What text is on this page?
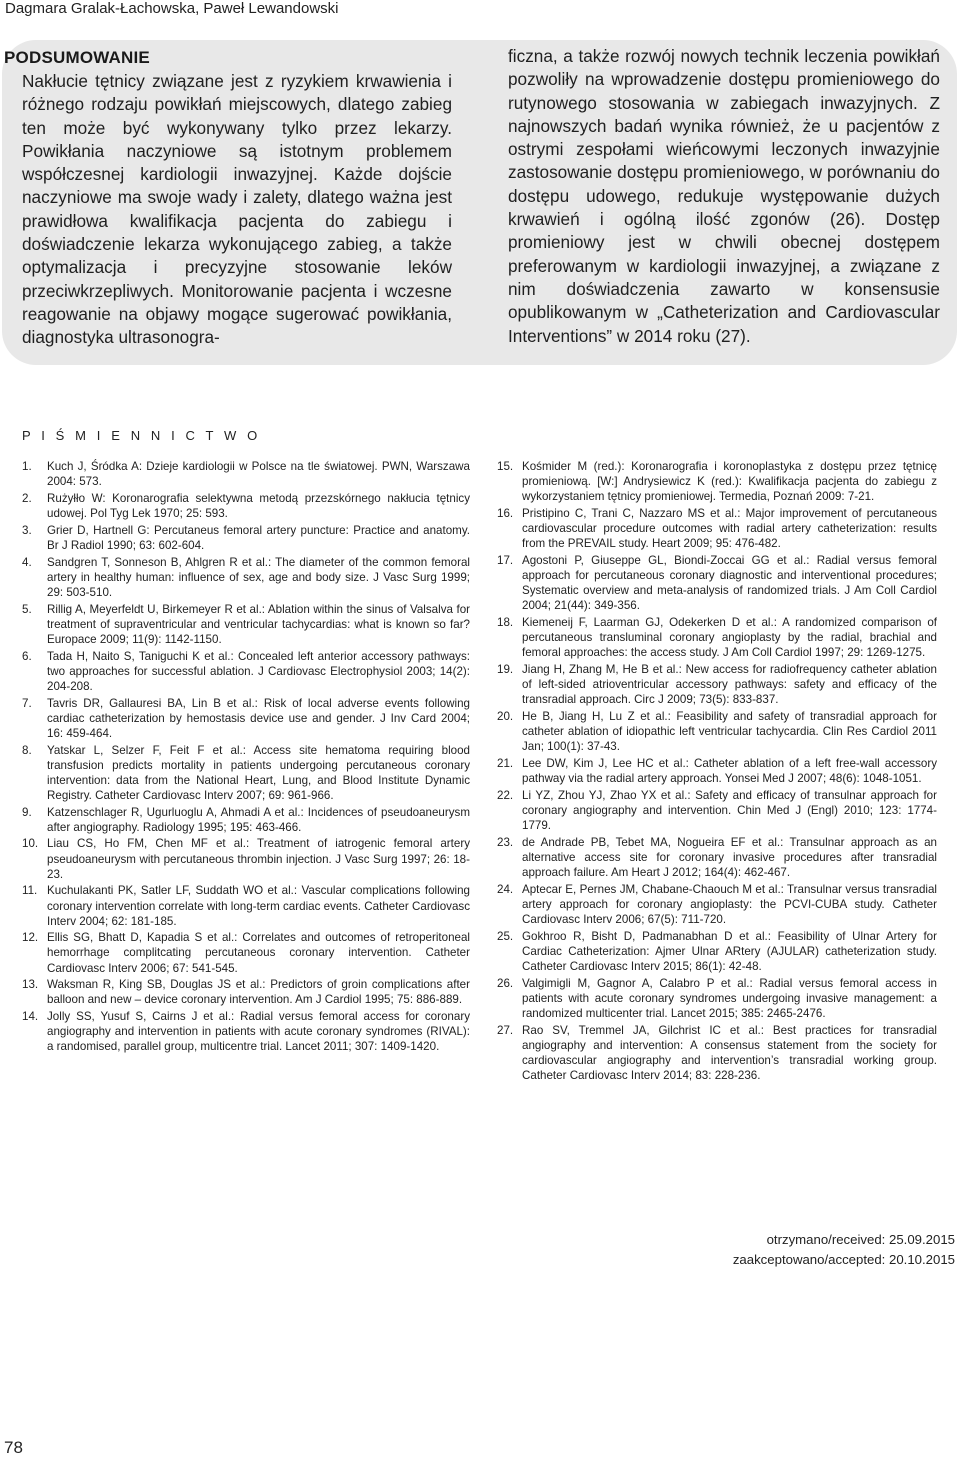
Dagmara Gralak-Łachowska, Paweł Lewandowski
PODSUMOWANIE

Nakłucie tętnicy związane jest z ryzykiem krwawienia i różnego rodzaju powikłań miejscowych, dlatego zabieg ten może być wykonywany tylko przez lekarzy. Powikłania naczyniowe są istotnym problemem współczesnej kardiologii inwazyjnej. Każde dojście naczyniowe ma swoje wady i zalety, dlatego ważna jest prawidłowa kwalifikacja pacjenta do zabiegu i doświadczenie lekarza wykonującego zabieg, a także optymalizacja i precyzyjne stosowanie leków przeciwkrzepliwych. Monitorowanie pacjenta i wczesne reagowanie na objawy mogące sugerować powikłania, diagnostyka ultrasonogra-

ficzna, a także rozwój nowych technik leczenia powikłań pozwoliły na wprowadzenie dostępu promieniowego do rutynowego stosowania w zabiegach inwazyjnych. Z najnowszych badań wynika również, że u pacjentów z ostrymi zespołami wieńcowymi leczonych inwazyjnie zastosowanie dostępu promieniowego, w porównaniu do dostępu udowego, redukuje występowanie dużych krwawień i ogólną ilość zgonów (26). Dostęp promieniowy jest w chwili obecnej dostępem preferowanym w kardiologii inwazyjnej, a związane z nim doświadczenia zawarto w konsensusie opublikowanym w „Catheterization and Cardiovascular Interventions” w 2014 roku (27).

P I Ś M I E N N I C T W O
1. Kuch J, Śródka A: Dzieje kardiologii w Polsce na tle światowej. PWN, Warszawa 2004: 573.
2. Rużyłło W: Koronarografia selektywna metodą przezskórnego nakłucia tętnicy udowej. Pol Tyg Lek 1970; 25: 593.
3. Grier D, Hartnell G: Percutaneus femoral artery puncture: Practice and anatomy. Br J Radiol 1990; 63: 602-604.
4. Sandgren T, Sonneson B, Ahlgren R et al.: The diameter of the common femoral artery in healthy human: influence of sex, age and body size. J Vasc Surg 1999; 29: 503-510.
5. Rillig A, Meyerfeldt U, Birkemeyer R et al.: Ablation within the sinus of Valsalva for treatment of supraventricular and ventricular tachycardias: what is known so far? Europace 2009; 11(9): 1142-1150.
6. Tada H, Naito S, Taniguchi K et al.: Concealed left anterior accessory pathways: two approaches for successful ablation. J Cardiovasc Electrophysiol 2003; 14(2): 204-208.
7. Tavris DR, Gallauresi BA, Lin B et al.: Risk of local adverse events following cardiac catheterization by hemostasis device use and gender. J Inv Card 2004; 16: 459-464.
8. Yatskar L, Selzer F, Feit F et al.: Access site hematoma requiring blood transfusion predicts mortality in patients undergoing percutaneous coronary intervention: data from the National Heart, Lung, and Blood Institute Dynamic Registry. Catheter Cardiovasc Interv 2007; 69: 961-966.
9. Katzenschlager R, Ugurluoglu A, Ahmadi A et al.: Incidences of pseudoaneurysm after angiography. Radiology 1995; 195: 463-466.
10. Liau CS, Ho FM, Chen MF et al.: Treatment of iatrogenic femoral artery pseudoaneurysm with percutaneous thrombin injection. J Vasc Surg 1997; 26: 18-23.
11. Kuchulakanti PK, Satler LF, Suddath WO et al.: Vascular complications following coronary intervention correlate with long-term cardiac events. Catheter Cardiovasc Interv 2004; 62: 181-185.
12. Ellis SG, Bhatt D, Kapadia S et al.: Correlates and outcomes of retroperitoneal hemorrhage complitcating percutaneous coronary intervention. Catheter Cardiovasc Interv 2006; 67: 541-545.
13. Waksman R, King SB, Douglas JS et al.: Predictors of groin complications after balloon and new – device coronary intervention. Am J Cardiol 1995; 75: 886-889.
14. Jolly SS, Yusuf S, Cairns J et al.: Radial versus femoral access for coronary angiography and intervention in patients with acute coronary syndromes (RIVAL): a randomised, parallel group, multicentre trial. Lancet 2011; 307: 1409-1420.
15. Kośmider M (red.): Koronarografia i koronoplastyka z dostępu przez tętnicę promieniową. [W:] Andrysiewicz K (red.): Kwalifikacja pacjenta do zabiegu z wykorzystaniem tętnicy promieniowej. Termedia, Poznań 2009: 7-21.
16. Pristipino C, Trani C, Nazzaro MS et al.: Major improvement of percutaneous cardiovascular procedure outcomes with radial artery catheterization: results from the PREVAIL study. Heart 2009; 95: 476-482.
17. Agostoni P, Giuseppe GL, Biondi-Zoccai GG et al.: Radial versus femoral approach for percutaneous coronary diagnostic and interventional procedures; Systematic overview and meta-analysis of randomized trials. J Am Coll Cardiol 2004; 21(44): 349-356.
18. Kiemeneij F, Laarman GJ, Odekerken D et al.: A randomized comparison of percutaneous transluminal coronary angioplasty by the radial, brachial and femoral approaches: the access study. J Am Coll Cardiol 1997; 29: 1269-1275.
19. Jiang H, Zhang M, He B et al.: New access for radiofrequency catheter ablation of left-sided atrioventricular accessory pathways: safety and efficacy of the transradial approach. Circ J 2009; 73(5): 833-837.
20. He B, Jiang H, Lu Z et al.: Feasibility and safety of transradial approach for catheter ablation of idiopathic left ventricular tachycardia. Clin Res Cardiol 2011 Jan; 100(1): 37-43.
21. Lee DW, Kim J, Lee HC et al.: Catheter ablation of a left free-wall accessory pathway via the radial artery approach. Yonsei Med J 2007; 48(6): 1048-1051.
22. Li YZ, Zhou YJ, Zhao YX et al.: Safety and efficacy of transulnar approach for coronary angiography and intervention. Chin Med J (Engl) 2010; 123: 1774-1779.
23. de Andrade PB, Tebet MA, Nogueira EF et al.: Transulnar approach as an alternative access site for coronary invasive procedures after transradial approach failure. Am Heart J 2012; 164(4): 462-467.
24. Aptecar E, Pernes JM, Chabane-Chaouch M et al.: Transulnar versus transradial artery approach for coronary angioplasty: the PCVI-CUBA study. Catheter Cardiovasc Interv 2006; 67(5): 711-720.
25. Gokhroo R, Bisht D, Padmanabhan D et al.: Feasibility of Ulnar Artery for Cardiac Catheterization: Ajmer Ulnar ARtery (AJULAR) catheterization study. Catheter Cardiovasc Interv 2015; 86(1): 42-48.
26. Valgimigli M, Gagnor A, Calabro P et al.: Radial versus femoral access in patients with acute coronary syndromes undergoing invasive management: a randomized multicenter trial. Lancet 2015; 385: 2465-2476.
27. Rao SV, Tremmel JA, Gilchrist IC et al.: Best practices for transradial angiography and intervention: A consensus statement from the society for cardiovascular angiography and intervention’s transradial working group. Catheter Cardiovasc Interv 2014; 83: 228-236.
otrzymano/received: 25.09.2015
zaakceptowano/accepted: 20.10.2015
78
